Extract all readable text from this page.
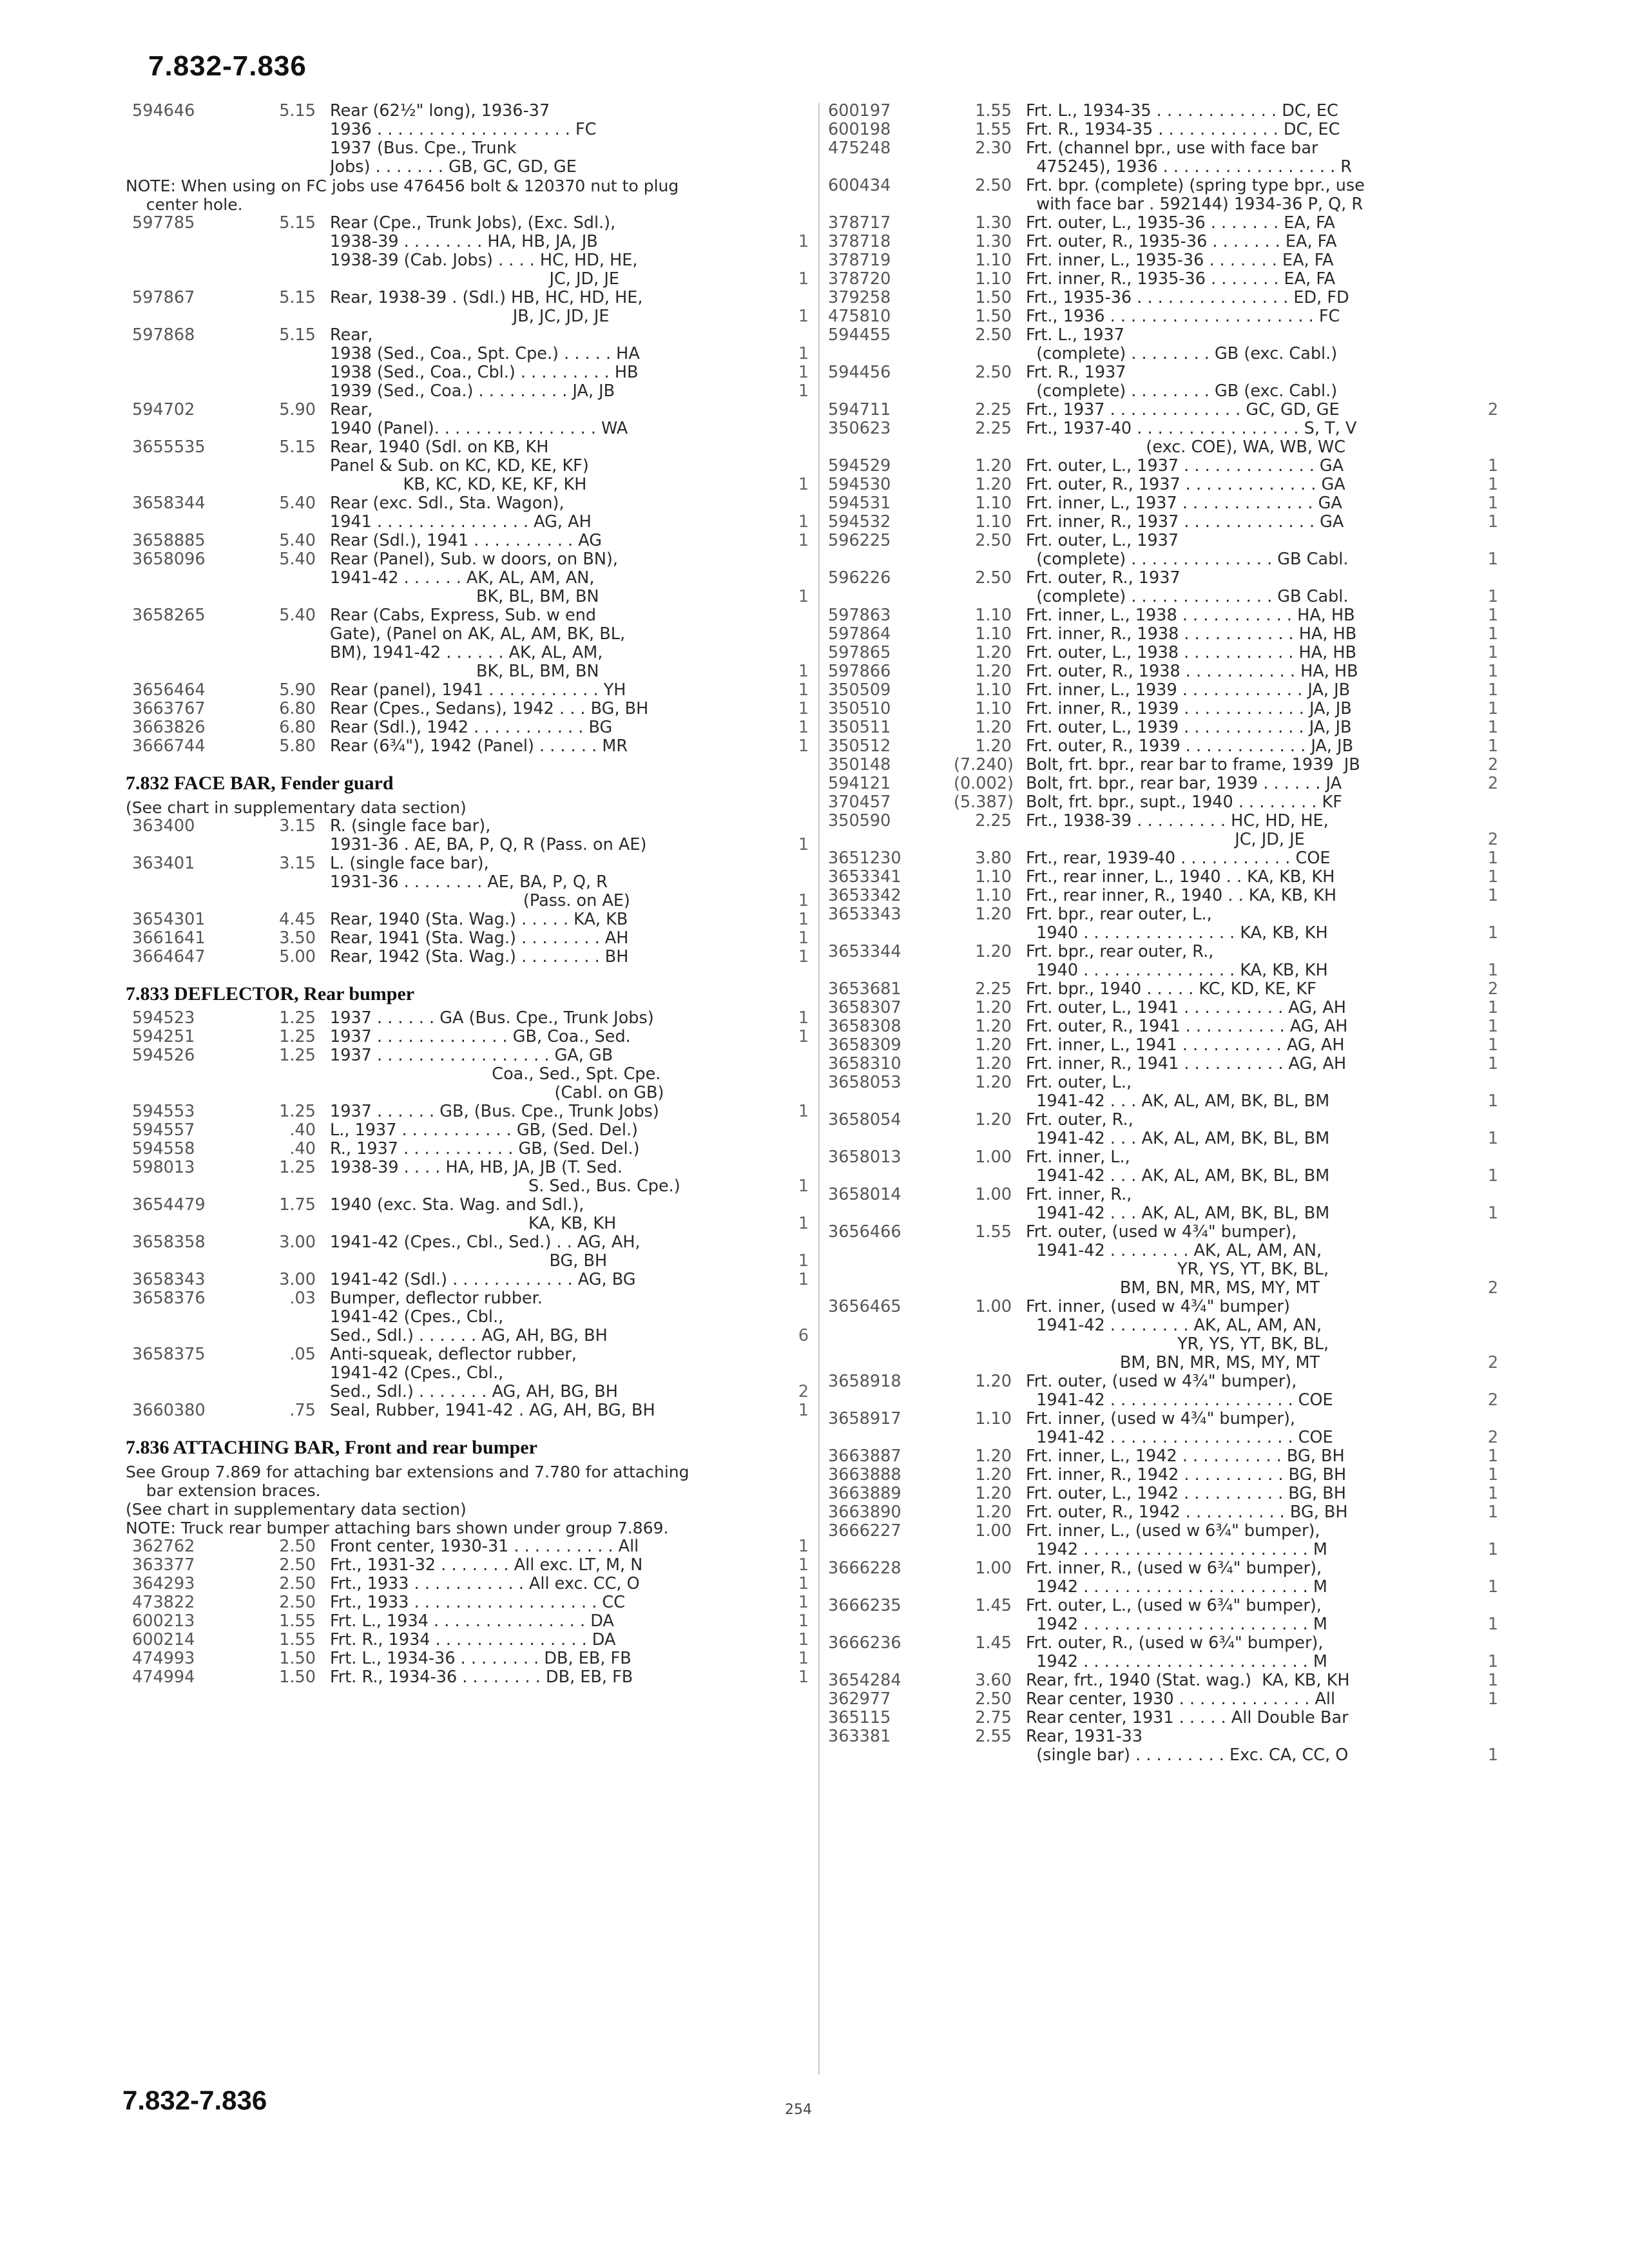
7.832-7.836
594646	5.15 Rear (62½" long), 1936-37
1936 . . . . . . . . . . . . . . . . . . . FC
1937 (Bus. Cpe., Trunk
Jobs) . . . . . . . GB, GC, GD, GE
NOTE: When using on FC jobs use 476456 bolt & 120370 nut to plug
center hole.
597785	5.15 Rear (Cpe., Trunk Jobs), (Exc. Sdl.),
1938-39 . . . . . . . . HA, HB, JA, JB	1
1938-39 (Cab. Jobs) . . . . HC, HD, HE,
JC, JD, JE	1
597867	5.15 Rear, 1938-39 . (Sdl.) HB, HC, HD, HE,
JB, JC, JD, JE	1
597868	5.15 Rear,
1938 (Sed., Coa., Spt. Cpe.) . . . . . HA	1
1938 (Sed., Coa., Cbl.) . . . . . . . . . HB	1
1939 (Sed., Coa.) . . . . . . . . . JA, JB	1
594702	5.90 Rear,
1940 (Panel). . . . . . . . . . . . . . . . WA
3655535	5.15 Rear, 1940 (Sdl. on KB, KH
Panel & Sub. on KC, KD, KE, KF)
KB, KC, KD, KE, KF, KH	1
3658344	5.40 Rear (exc. Sdl., Sta. Wagon),
1941 . . . . . . . . . . . . . . . AG, AH	1
3658885	5.40 Rear (Sdl.), 1941 . . . . . . . . . . AG	1
3658096	5.40 Rear (Panel), Sub. w doors, on BN),
1941-42 . . . . . . AK, AL, AM, AN,
BK, BL, BM, BN	1
3658265	5.40 Rear (Cabs, Express, Sub. w end
Gate), (Panel on AK, AL, AM, BK, BL,
BM), 1941-42 . . . . . . AK, AL, AM,
BK, BL, BM, BN	1
3656464	5.90 Rear (panel), 1941 . . . . . . . . . . . YH	1
3663767	6.80 Rear (Cpes., Sedans), 1942 . . . BG, BH	1
3663826	6.80 Rear (Sdl.), 1942 . . . . . . . . . . . BG	1
3666744	5.80 Rear (6¾"), 1942 (Panel) . . . . . . MR	1
7.832 FACE BAR, Fender guard
(See chart in supplementary data section)
363400	3.15 R. (single face bar),
1931-36 . AE, BA, P, Q, R (Pass. on AE)	1
363401	3.15 L. (single face bar),
1931-36 . . . . . . . . AE, BA, P, Q, R
(Pass. on AE)	1
3654301	4.45 Rear, 1940 (Sta. Wag.) . . . . . KA, KB	1
3661641	3.50 Rear, 1941 (Sta. Wag.) . . . . . . . . AH	1
3664647	5.00 Rear, 1942 (Sta. Wag.) . . . . . . . . BH	1
7.833 DEFLECTOR, Rear bumper
594523	1.25 1937 . . . . . . GA (Bus. Cpe., Trunk Jobs)	1
594251	1.25 1937 . . . . . . . . . . . . . GB, Coa., Sed.	1
594526	1.25 1937 . . . . . . . . . . . . . . . . . GA, GB
Coa., Sed., Spt. Cpe.
(Cabl. on GB)
594553	1.25 1937 . . . . . . GB, (Bus. Cpe., Trunk Jobs)	1
594557	.40 L., 1937 . . . . . . . . . . . GB, (Sed. Del.)
594558	.40 R., 1937 . . . . . . . . . . . GB, (Sed. Del.)
598013	1.25 1938-39 . . . . HA, HB, JA, JB (T. Sed.
S. Sed., Bus. Cpe.)	1
3654479	1.75 1940 (exc. Sta. Wag. and Sdl.),
KA, KB, KH	1
3658358	3.00 1941-42 (Cpes., Cbl., Sed.) . . AG, AH,
BG, BH	1
3658343	3.00 1941-42 (Sdl.) . . . . . . . . . . . . AG, BG	1
3658376	.03 Bumper, deflector rubber.
1941-42 (Cpes., Cbl.,
Sed., Sdl.) . . . . . . AG, AH, BG, BH	6
3658375	.05 Anti-squeak, deflector rubber,
1941-42 (Cpes., Cbl.,
Sed., Sdl.) . . . . . . . AG, AH, BG, BH	2
3660380	.75 Seal, Rubber, 1941-42 . AG, AH, BG, BH	1
7.836 ATTACHING BAR, Front and rear bumper
See Group 7.869 for attaching bar extensions and 7.780 for attaching
bar extension braces.
(See chart in supplementary data section)
NOTE: Truck rear bumper attaching bars shown under group 7.869.
362762	2.50 Front center, 1930-31 . . . . . . . . . . All	1
363377	2.50 Frt., 1931-32 . . . . . . . All exc. LT, M, N	1
364293	2.50 Frt., 1933 . . . . . . . . . . . All exc. CC, O	1
473822	2.50 Frt., 1933 . . . . . . . . . . . . . . . . . . CC	1
600213	1.55 Frt. L., 1934 . . . . . . . . . . . . . . . DA	1
600214	1.55 Frt. R., 1934 . . . . . . . . . . . . . . . DA	1
474993	1.50 Frt. L., 1934-36 . . . . . . . . DB, EB, FB	1
474994	1.50 Frt. R., 1934-36 . . . . . . . . DB, EB, FB	1
600197	1.55 Frt. L., 1934-35 . . . . . . . . . . . . DC, EC
600198	1.55 Frt. R., 1934-35 . . . . . . . . . . . . DC, EC
475248	2.30 Frt. (channel bpr., use with face bar
475245), 1936 . . . . . . . . . . . . . . . . . R
600434	2.50 Frt. bpr. (complete) (spring type bpr., use
with face bar . 592144) 1934-36 P, Q, R
378717	1.30 Frt. outer, L., 1935-36 . . . . . . . EA, FA
378718	1.30 Frt. outer, R., 1935-36 . . . . . . . EA, FA
378719	1.10 Frt. inner, L., 1935-36 . . . . . . . EA, FA
378720	1.10 Frt. inner, R., 1935-36 . . . . . . . EA, FA
379258	1.50 Frt., 1935-36 . . . . . . . . . . . . . . . ED, FD
475810	1.50 Frt., 1936 . . . . . . . . . . . . . . . . . . . . FC
594455	2.50 Frt. L., 1937
(complete) . . . . . . . . GB (exc. Cabl.)
594456	2.50 Frt. R., 1937
(complete) . . . . . . . . GB (exc. Cabl.)
594711	2.25 Frt., 1937 . . . . . . . . . . . . . GC, GD, GE	2
350623	2.25 Frt., 1937-40 . . . . . . . . . . . . . . . . S, T, V
(exc. COE), WA, WB, WC
594529	1.20 Frt. outer, L., 1937 . . . . . . . . . . . . . GA	1
594530	1.20 Frt. outer, R., 1937 . . . . . . . . . . . . . GA	1
594531	1.10 Frt. inner, L., 1937 . . . . . . . . . . . . . GA	1
594532	1.10 Frt. inner, R., 1937 . . . . . . . . . . . . . GA	1
596225	2.50 Frt. outer, L., 1937
(complete) . . . . . . . . . . . . . . GB Cabl.	1
596226	2.50 Frt. outer, R., 1937
(complete) . . . . . . . . . . . . . . GB Cabl.	1
597863	1.10 Frt. inner, L., 1938 . . . . . . . . . . . HA, HB	1
597864	1.10 Frt. inner, R., 1938 . . . . . . . . . . . HA, HB	1
597865	1.20 Frt. outer, L., 1938 . . . . . . . . . . . HA, HB	1
597866	1.20 Frt. outer, R., 1938 . . . . . . . . . . . HA, HB	1
350509	1.10 Frt. inner, L., 1939 . . . . . . . . . . . . JA, JB	1
350510	1.10 Frt. inner, R., 1939 . . . . . . . . . . . . JA, JB	1
350511	1.20 Frt. outer, L., 1939 . . . . . . . . . . . . JA, JB	1
350512	1.20 Frt. outer, R., 1939 . . . . . . . . . . . . JA, JB	1
350148	(7.240) Bolt, frt. bpr., rear bar to frame, 1939  JB	2
594121	(0.002) Bolt, frt. bpr., rear bar, 1939 . . . . . . JA	2
370457	(5.387) Bolt, frt. bpr., supt., 1940 . . . . . . . . KF
350590	2.25 Frt., 1938-39 . . . . . . . . . HC, HD, HE,
JC, JD, JE	2
3651230	3.80 Frt., rear, 1939-40 . . . . . . . . . . . COE	1
3653341	1.10 Frt., rear inner, L., 1940 . . KA, KB, KH	1
3653342	1.10 Frt., rear inner, R., 1940 . . KA, KB, KH	1
3653343	1.20 Frt. bpr., rear outer, L.,
1940 . . . . . . . . . . . . . . . KA, KB, KH	1
3653344	1.20 Frt. bpr., rear outer, R.,
1940 . . . . . . . . . . . . . . . KA, KB, KH	1
3653681	2.25 Frt. bpr., 1940 . . . . . KC, KD, KE, KF	2
3658307	1.20 Frt. outer, L., 1941 . . . . . . . . . . AG, AH	1
3658308	1.20 Frt. outer, R., 1941 . . . . . . . . . . AG, AH	1
3658309	1.20 Frt. inner, L., 1941 . . . . . . . . . . AG, AH	1
3658310	1.20 Frt. inner, R., 1941 . . . . . . . . . . AG, AH	1
3658053	1.20 Frt. outer, L.,
1941-42 . . . AK, AL, AM, BK, BL, BM	1
3658054	1.20 Frt. outer, R.,
1941-42 . . . AK, AL, AM, BK, BL, BM	1
3658013	1.00 Frt. inner, L.,
1941-42 . . . AK, AL, AM, BK, BL, BM	1
3658014	1.00 Frt. inner, R.,
1941-42 . . . AK, AL, AM, BK, BL, BM	1
3656466	1.55 Frt. outer, (used w 4¾" bumper),
1941-42 . . . . . . . . AK, AL, AM, AN,
YR, YS, YT, BK, BL,
BM, BN, MR, MS, MY, MT	2
3656465	1.00 Frt. inner, (used w 4¾" bumper)
1941-42 . . . . . . . . AK, AL, AM, AN,
YR, YS, YT, BK, BL,
BM, BN, MR, MS, MY, MT	2
3658918	1.20 Frt. outer, (used w 4¾" bumper),
1941-42 . . . . . . . . . . . . . . . . . . COE	2
3658917	1.10 Frt. inner, (used w 4¾" bumper),
1941-42 . . . . . . . . . . . . . . . . . . COE	2
3663887	1.20 Frt. inner, L., 1942 . . . . . . . . . . BG, BH	1
3663888	1.20 Frt. inner, R., 1942 . . . . . . . . . . BG, BH	1
3663889	1.20 Frt. outer, L., 1942 . . . . . . . . . . BG, BH	1
3663890	1.20 Frt. outer, R., 1942 . . . . . . . . . . BG, BH	1
3666227	1.00 Frt. inner, L., (used w 6¾" bumper),
1942 . . . . . . . . . . . . . . . . . . . . . . M	1
3666228	1.00 Frt. inner, R., (used w 6¾" bumper),
1942 . . . . . . . . . . . . . . . . . . . . . . M	1
3666235	1.45 Frt. outer, L., (used w 6¾" bumper),
1942 . . . . . . . . . . . . . . . . . . . . . . M	1
3666236	1.45 Frt. outer, R., (used w 6¾" bumper),
1942 . . . . . . . . . . . . . . . . . . . . . . M	1
3654284	3.60 Rear, frt., 1940 (Stat. wag.)  KA, KB, KH	1
362977	2.50 Rear center, 1930 . . . . . . . . . . . . . All	1
365115	2.75 Rear center, 1931 . . . . . All Double Bar
363381	2.55 Rear, 1931-33
(single bar) . . . . . . . . . Exc. CA, CC, O	1
7.832-7.836	254
